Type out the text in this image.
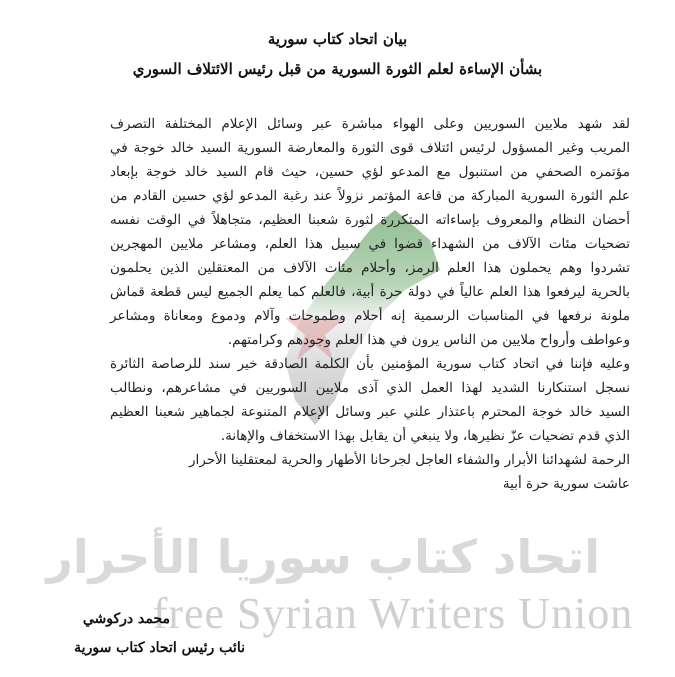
اتحاد كتاب سوريا الأحرار
free Syrian Writers Union
بيان اتحاد كتاب سورية
بشأن الإساءة لعلم الثورة السورية من قبل رئيس الائتلاف السوري
لقد شهد ملايين السوريين وعلى الهواء مباشرة عبر وسائل الإعلام المختلفة التصرف
المريب وغير المسؤول لرئيس ائتلاف قوى الثورة والمعارضة السورية السيد خالد خوجة في
مؤتمره الصحفي من استنبول مع المدعو لؤي حسين، حيث قام السيد خالد خوجة بإبعاد
علم الثورة السورية المباركة من قاعة المؤتمر نزولاً عند رغبة المدعو لؤي حسين القادم من
أحضان النظام والمعروف بإساءاته المتكررة لثورة شعبنا العظيم، متجاهلاً في الوقت نفسه
تضحيات مئات الآلاف من الشهداء قضوا في سبيل هذا العلم، ومشاعر ملايين المهجرين
تشردوا وهم يحملون هذا العلم الرمز، وأحلام مئات الآلاف من المعتقلين الذين يحلمون
بالحرية ليرفعوا هذا العلم عالياً في دولة حرة أبية، فالعلم كما يعلم الجميع ليس قطعة قماش
ملونة نرفعها في المناسبات الرسمية إنه أحلام وطموحات وآلام ودموع ومعاناة ومشاعر
وعواطف وأرواح ملايين من الناس يرون في هذا العلم وجودهم وكرامتهم.
وعليه فإننا في اتحاد كتاب سورية المؤمنين بأن الكلمة الصادقة خير سند للرصاصة الثائرة
نسجل استنكارنا الشديد لهذا العمل الذي آذى ملايين السوريين في مشاعرهم، ونطالب
السيد خالد خوجة المحترم باعتذار علني عبر وسائل الإعلام المتنوعة لجماهير شعبنا العظيم
الذي قدم تضحيات عزّ نظيرها، ولا ينبغي أن يقابل بهذا الاستخفاف والإهانة.
الرحمة لشهدائنا الأبرار والشفاء العاجل لجرحانا الأطهار والحرية لمعتقلينا الأحرار
عاشت سورية حرة أبية
محمد دركوشي
نائب رئيس اتحاد كتاب سورية
